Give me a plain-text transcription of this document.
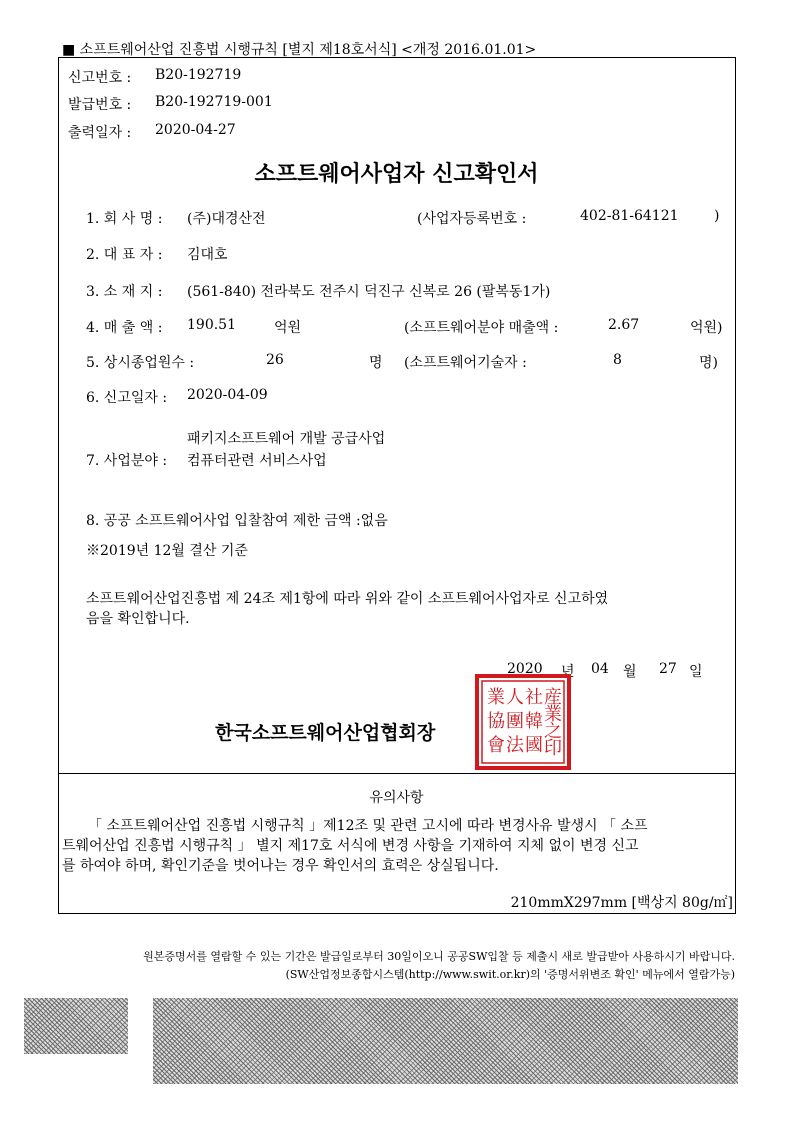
■ 소프트웨어산업 진흥법 시행규칙 [별지 제18호서식] <개정 2016.01.01>
신고번호 : B20-192719
발급번호 : B20-192719-001
출력일자 : 2020-04-27
소프트웨어사업자 신고확인서
1. 회 사 명 : (주)대경산전	(사업자등록번호 :	402-81-64121	)
2. 대 표 자 : 김대호
3. 소 재 지 : (561-840) 전라북도 전주시 덕진구 신복로 26 (팔복동1가)
4. 매 출 액 : 190.51	억원	(소프트웨어분야 매출액 :	2.67	억원)
5. 상시종업원수 :	26	명 (소프트웨어기술자 :	8	명)
6. 신고일자 : 2020-04-09
패키지소프트웨어 개발 공급사업
7. 사업분야 : 컴퓨터관련 서비스사업
8. 공공 소프트웨어사업 입찰참여 제한 금액 :없음
※2019년 12월 결산 기준
소프트웨어산업진흥법 제 24조 제1항에 따라 위와 같이 소프트웨어사업자로 신고하였
음을 확인합니다.
2020 년 04 월 27 일
한국소프트웨어산업협회장
業
協
會
人
團
法
社
韓
國
産
業
之
印
유의사항
「 소프트웨어산업 진흥법 시행규칙 」제12조 및 관련 고시에 따라 변경사유 발생시 「 소프
트웨어산업 진흥법 시행규칙 」 별지 제17호 서식에 변경 사항을 기재하여 지체 없이 변경 신고
를 하여야 하며, 확인기준을 벗어나는 경우 확인서의 효력은 상실됩니다.
210mmX297mm [백상지 80g/㎡]
원본증명서를 열람할 수 있는 기간은 발급일로부터 30일이오니 공공SW입찰 등 제출시 새로 발급받아 사용하시기 바랍니다.
(SW산업정보종합시스템(http://www.swit.or.kr)의 '증명서위변조 확인' 메뉴에서 열람가능)
